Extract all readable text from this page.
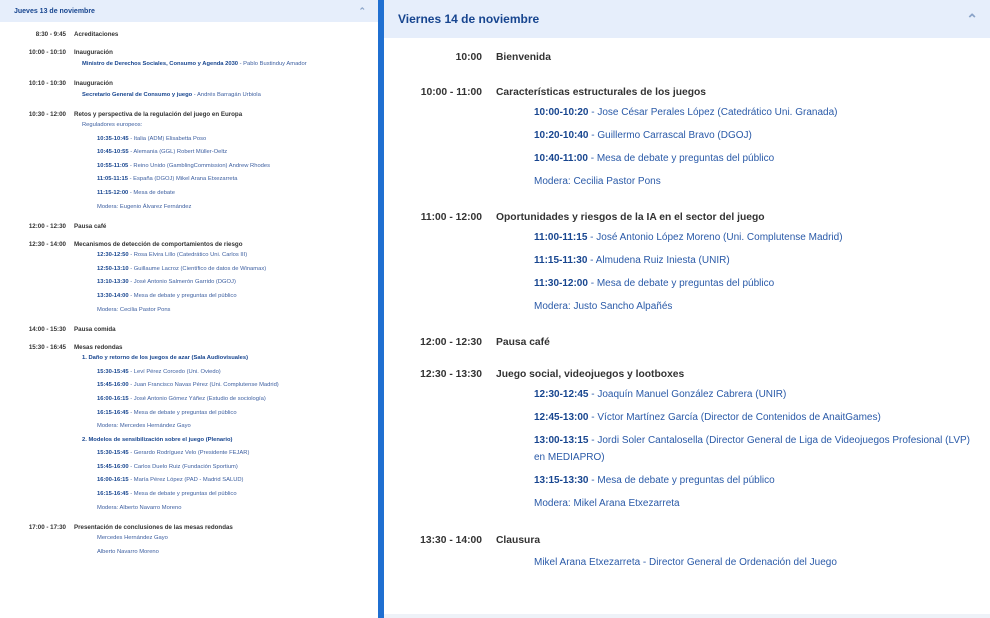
Jueves 13 de noviembre	⌃
8:30 - 9:45	Acreditaciones
10:00 - 10:10	Inauguración
Ministro de Derechos Sociales, Consumo y Agenda 2030 - Pablo Bustinduy Amador
10:10 - 10:30	Inauguración
Secretario General de Consumo y juego - Andrés Barragán Urbiola
10:30 - 12:00	Retos y perspectiva de la regulación del juego en Europa
Reguladores europeos:
10:35-10:45 - Italia (ADM) Elisabetta Poso
10:45-10:55 - Alemania (GGL) Robert Müller-Oeltz
10:55-11:05 - Reino Unido (GamblingCommission) Andrew Rhodes
11:05-11:15 - España (DGOJ) Mikel Arana Etxezarreta
11:15-12:00 - Mesa de debate
Modera: Eugenio Álvarez Fernández
12:00 - 12:30	Pausa café
12:30 - 14:00	Mecanismos de detección de comportamientos de riesgo
12:30-12:50 - Rosa Elvira Lillo (Catedrático Uni. Carlos III)
12:50-13:10 - Guillaume Lacroz (Científico de datos de Winamax)
13:10-13:30 - José Antonio Salmerón Garrido (DGOJ)
13:30-14:00 - Mesa de debate y preguntas del público
Modera: Cecilia Pastor Pons
14:00 - 15:30	Pausa comida
15:30 - 16:45	Mesas redondas
1. Daño y retorno de los juegos de azar (Sala Audiovisuales)
15:30-15:45 - Leví Pérez Corcedo (Uni. Oviedo)
15:45-16:00 - Juan Francisco Navas Pérez (Uni. Complutense Madrid)
16:00-16:15 - José Antonio Gómez Yáñez (Estudio de sociología)
16:15-16:45 - Mesa de debate y preguntas del público
Modera: Mercedes Hernández Gayo
2. Modelos de sensibilización sobre el juego (Plenario)
15:30-15:45 - Gerardo Rodríguez Velo (Presidente FEJAR)
15:45-16:00 - Carlos Duelo Ruiz (Fundación Sportium)
16:00-16:15 - María Pérez López (PAD - Madrid SALUD)
16:15-16:45 - Mesa de debate y preguntas del público
Modera: Alberto Navarro Moreno
17:00 - 17:30	Presentación de conclusiones de las mesas redondas
Mercedes Hernández Gayo
Alberto Navarro Moreno
Viernes 14 de noviembre	⌃
10:00	Bienvenida
10:00 - 11:00	Características estructurales de los juegos
10:00-10:20 - Jose César Perales López (Catedrático Uni. Granada)
10:20-10:40 - Guillermo Carrascal Bravo (DGOJ)
10:40-11:00 - Mesa de debate y preguntas del público
Modera: Cecilia Pastor Pons
11:00 - 12:00	Oportunidades y riesgos de la IA en el sector del juego
11:00-11:15 - José Antonio López Moreno (Uni. Complutense Madrid)
11:15-11:30 - Almudena Ruiz Iniesta (UNIR)
11:30-12:00 - Mesa de debate y preguntas del público
Modera: Justo Sancho Alpañés
12:00 - 12:30	Pausa café
12:30 - 13:30	Juego social, videojuegos y lootboxes
12:30-12:45 - Joaquín Manuel González Cabrera (UNIR)
12:45-13:00 - Víctor Martínez García (Director de Contenidos de AnaitGames)
13:00-13:15 - Jordi Soler Cantalosella (Director General de Liga de Videojuegos Profesional (LVP) en MEDIAPRO)
13:15-13:30 - Mesa de debate y preguntas del público
Modera: Mikel Arana Etxezarreta
13:30 - 14:00	Clausura
Mikel Arana Etxezarreta - Director General de Ordenación del Juego
